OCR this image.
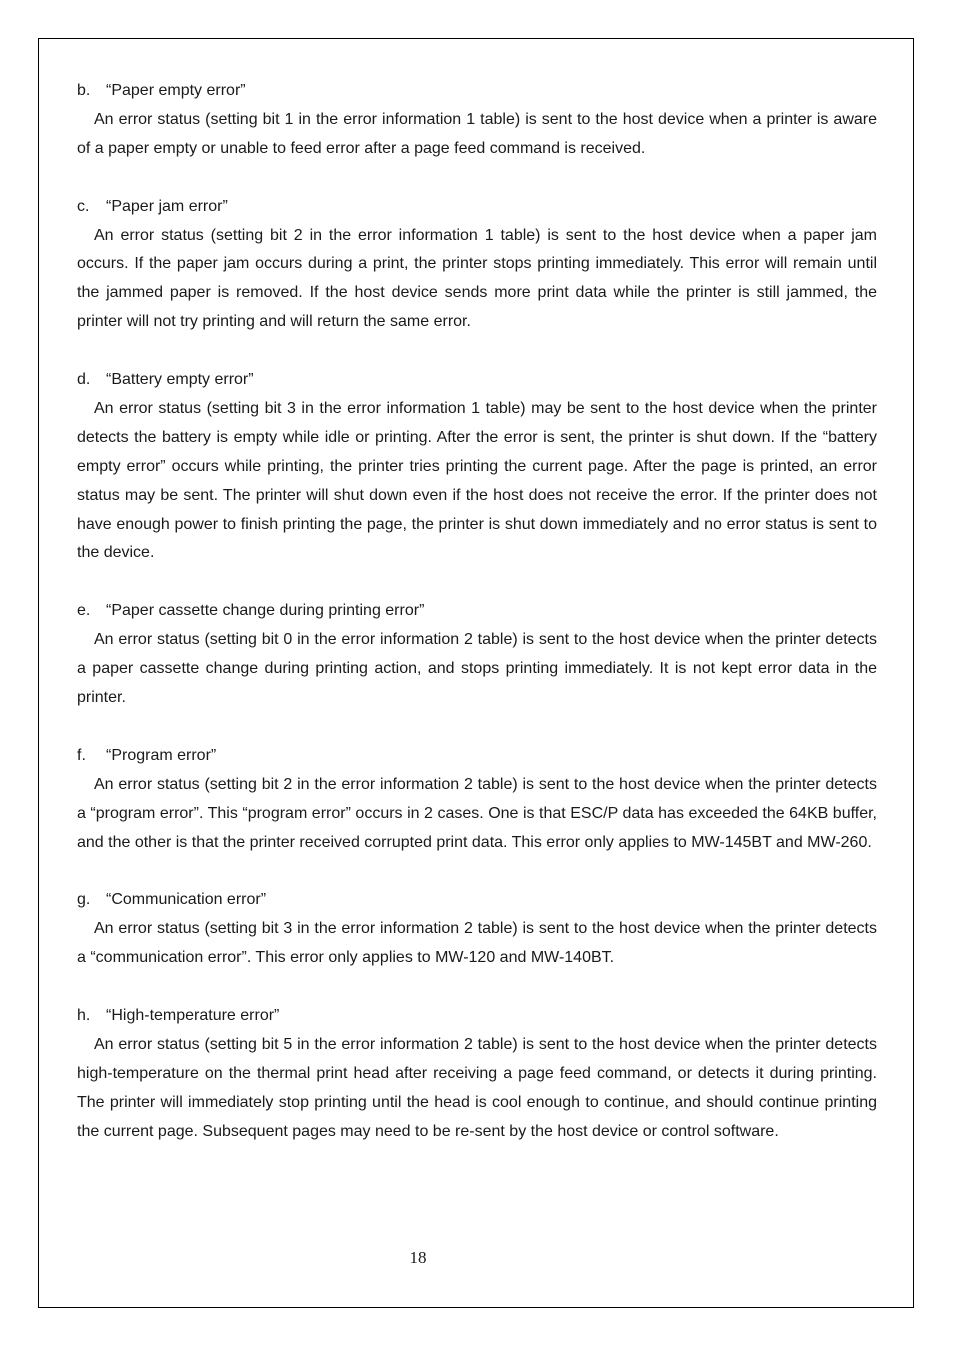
b. “Paper empty error”

An error status (setting bit 1 in the error information 1 table) is sent to the host device when a printer is aware of a paper empty or unable to feed error after a page feed command is received.

c.	“Paper jam error”

An error status (setting bit 2 in the error information 1 table) is sent to the host device when a paper jam occurs. If the paper jam occurs during a print, the printer stops printing immediately. This error will remain until the jammed paper is removed. If the host device sends more print data while the printer is still jammed, the printer will not try printing and will return the same error.

d. “Battery empty error”

An error status (setting bit 3 in the error information 1 table) may be sent to the host device when the printer detects the battery is empty while idle or printing. After the error is sent, the printer is shut down. If the “battery empty error” occurs while printing, the printer tries printing the current page. After the page is printed, an error status may be sent. The printer will shut down even if the host does not receive the error. If the printer does not have enough power to finish printing the page, the printer is shut down immediately and no error status is sent to the device.

e. “Paper cassette change during printing error”

An error status (setting bit 0 in the error information 2 table) is sent to the host device when the printer detects a paper cassette change during printing action, and stops printing immediately. It is not kept error data in the printer.

f.	“Program error”

An error status (setting bit 2 in the error information 2 table) is sent to the host device when the printer detects a “program error”. This “program error” occurs in 2 cases. One is that ESC/P data has exceeded the 64KB buffer, and the other is that the printer received corrupted print data. This error only applies to MW-145BT and MW-260.

g. “Communication error”

An error status (setting bit 3 in the error information 2 table) is sent to the host device when the printer detects a “communication error”. This error only applies to MW-120 and MW-140BT.

h. “High-temperature error”

An error status (setting bit 5 in the error information 2 table) is sent to the host device when the printer detects high-temperature on the thermal print head after receiving a page feed command, or detects it during printing. The printer will immediately stop printing until the head is cool enough to continue, and should continue printing the current page. Subsequent pages may need to be re-sent by the host device or control software.

18
